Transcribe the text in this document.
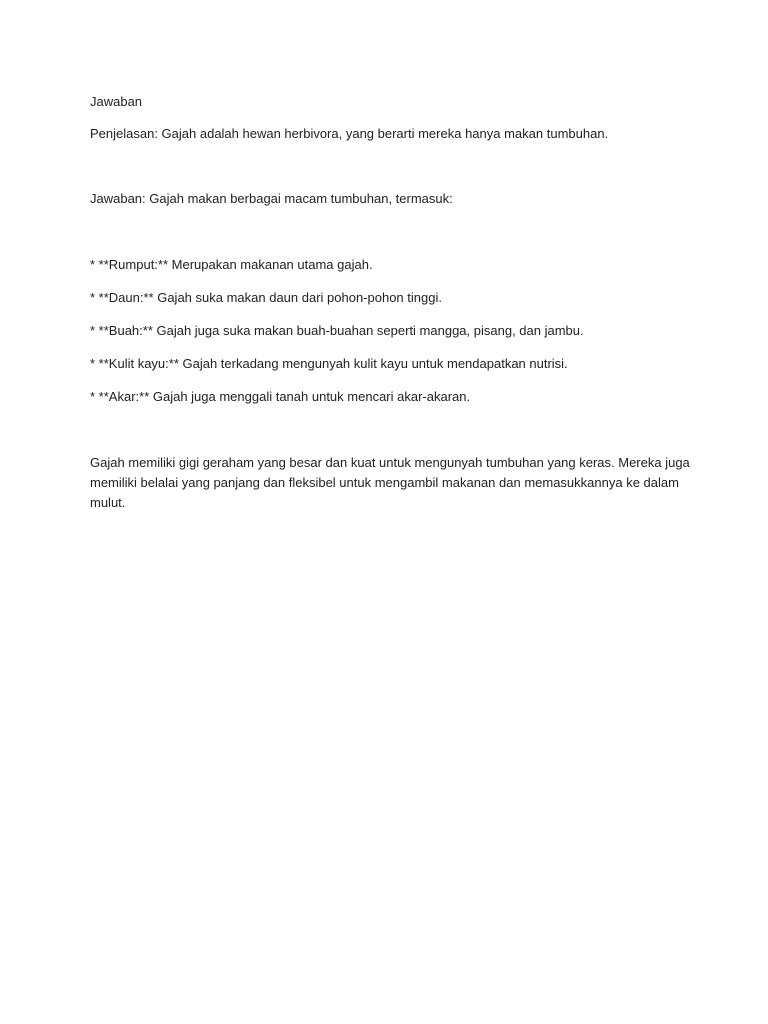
Jawaban

Penjelasan: Gajah adalah hewan herbivora, yang berarti mereka hanya makan tumbuhan.

Jawaban: Gajah makan berbagai macam tumbuhan, termasuk:

* **Rumput:** Merupakan makanan utama gajah.
* **Daun:** Gajah suka makan daun dari pohon-pohon tinggi.
* **Buah:** Gajah juga suka makan buah-buahan seperti mangga, pisang, dan jambu.
* **Kulit kayu:** Gajah terkadang mengunyah kulit kayu untuk mendapatkan nutrisi.
* **Akar:** Gajah juga menggali tanah untuk mencari akar-akaran.

Gajah memiliki gigi geraham yang besar dan kuat untuk mengunyah tumbuhan yang keras. Mereka juga memiliki belalai yang panjang dan fleksibel untuk mengambil makanan dan memasukkannya ke dalam mulut.
